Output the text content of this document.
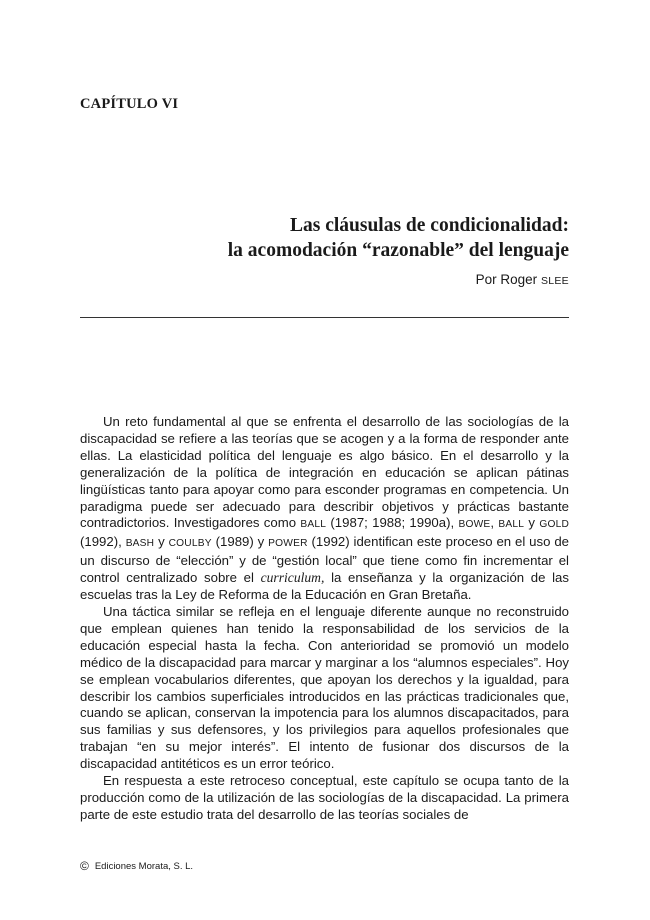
CAPÍTULO VI
Las cláusulas de condicionalidad:
la acomodación “razonable” del lenguaje
Por Roger SLEE

Un reto fundamental al que se enfrenta el desarrollo de las sociologías de la discapacidad se refiere a las teorías que se acogen y a la forma de responder ante ellas. La elasticidad política del lenguaje es algo básico. En el desarrollo y la generalización de la política de integración en educación se aplican pátinas lingüísticas tanto para apoyar como para esconder programas en competencia. Un paradigma puede ser adecuado para describir objetivos y prácticas bastante contradictorios. Investigadores como BALL (1987; 1988; 1990a), BOWE, BALL y GOLD (1992), BASH y COULBY (1989) y POWER (1992) identifican este proceso en el uso de un discurso de “elección” y de “gestión local” que tiene como fin incrementar el control centralizado sobre el curriculum, la enseñanza y la organización de las escuelas tras la Ley de Reforma de la Educación en Gran Bretaña.

Una táctica similar se refleja en el lenguaje diferente aunque no reconstruido que emplean quienes han tenido la responsabilidad de los servicios de la educación especial hasta la fecha. Con anterioridad se promovió un modelo médico de la discapacidad para marcar y marginar a los “alumnos especiales”. Hoy se emplean vocabularios diferentes, que apoyan los derechos y la igualdad, para describir los cambios superficiales introducidos en las prácticas tradicionales que, cuando se aplican, conservan la impotencia para los alumnos discapacitados, para sus familias y sus defensores, y los privilegios para aquellos profesionales que trabajan “en su mejor interés”. El intento de fusionar dos discursos de la discapacidad antitéticos es un error teórico.

En respuesta a este retroceso conceptual, este capítulo se ocupa tanto de la producción como de la utilización de las sociologías de la discapacidad. La primera parte de este estudio trata del desarrollo de las teorías sociales de

© Ediciones Morata, S. L.
